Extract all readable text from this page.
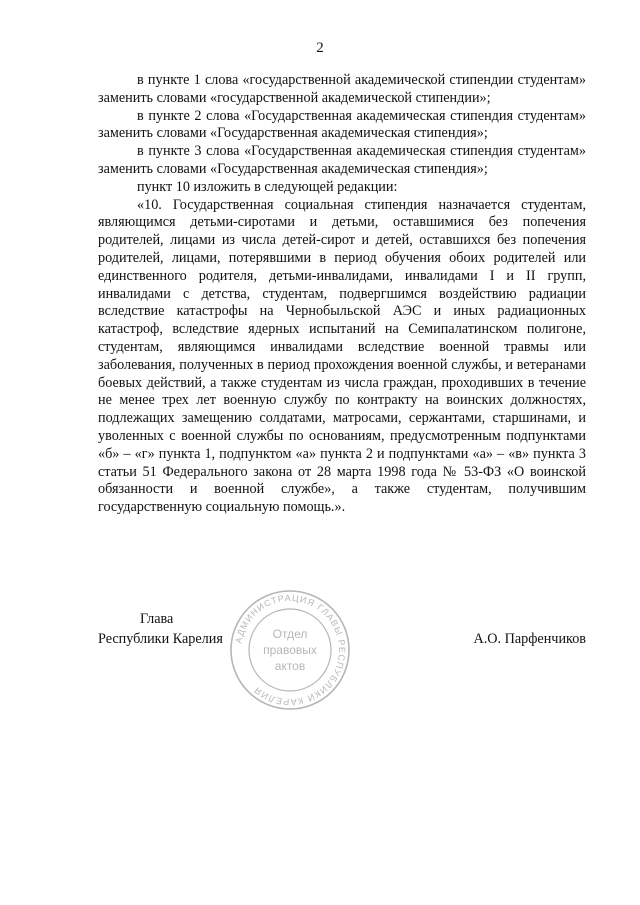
2

в пункте 1 слова «государственной академической стипендии студентам» заменить словами «государственной академической стипендии»;

в пункте 2 слова «Государственная академическая стипендия студентам» заменить словами «Государственная академическая стипендия»;

в пункте 3 слова «Государственная академическая стипендия студентам» заменить словами «Государственная академическая стипендия»;

пункт 10 изложить в следующей редакции:

«10. Государственная социальная стипендия назначается студентам, являющимся детьми-сиротами и детьми, оставшимися без попечения родителей, лицами из числа детей-сирот и детей, оставшихся без попечения родителей, лицами, потерявшими в период обучения обоих родителей или единственного родителя, детьми-инвалидами, инвалидами I и II групп, инвалидами с детства, студентам, подвергшимся воздействию радиации вследствие катастрофы на Чернобыльской АЭС и иных радиационных катастроф, вследствие ядерных испытаний на Семипалатинском полигоне, студентам, являющимся инвалидами вследствие военной травмы или заболевания, полученных в период прохождения военной службы, и ветеранами боевых действий, а также студентам из числа граждан, проходивших в течение не менее трех лет военную службу по контракту на воинских должностях, подлежащих замещению солдатами, матросами, сержантами, старшинами, и уволенных с военной службы по основаниям, предусмотренным подпунктами «б» – «г» пункта 1, подпунктом «а» пункта 2 и подпунктами «а» – «в» пункта 3 статьи 51 Федерального закона от 28 марта 1998 года № 53-ФЗ «О воинской обязанности и военной службе», а также студентам, получившим государственную социальную помощь.».

Глава
Республики Карелия	А.О. Парфенчиков
АДМИНИСТРАЦИЯ ГЛАВЫ РЕСПУБЛИКИ КАРЕЛИЯ
Отдел
правовых
актов
